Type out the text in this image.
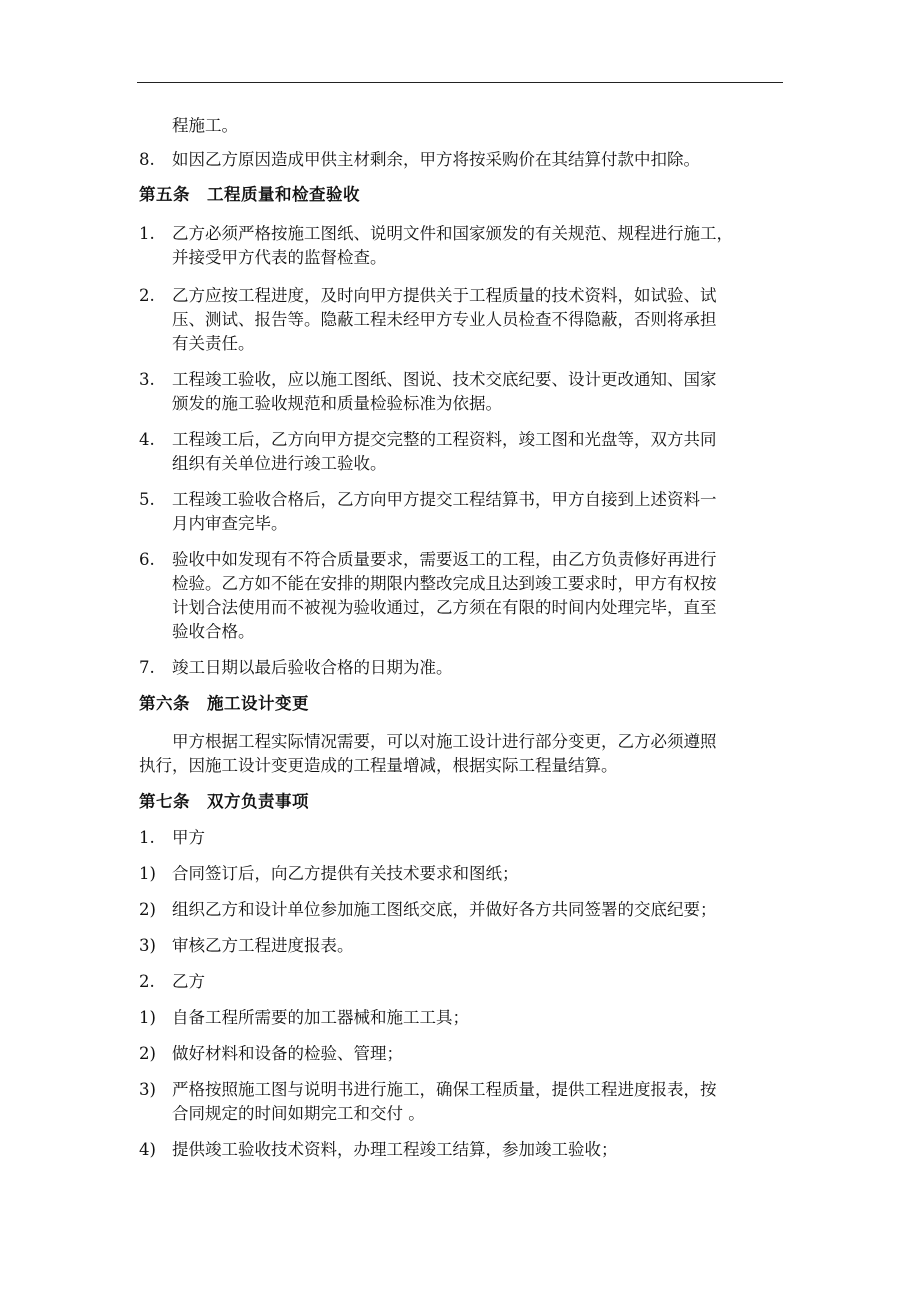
程施工。
8. 如因乙方原因造成甲供主材剩余，甲方将按采购价在其结算付款中扣除。
第五条　工程质量和检查验收
1. 乙方必须严格按施工图纸、说明文件和国家颁发的有关规范、规程进行施工，
并接受甲方代表的监督检查。
2. 乙方应按工程进度，及时向甲方提供关于工程质量的技术资料，如试验、试
压、测试、报告等。隐蔽工程未经甲方专业人员检查不得隐蔽，否则将承担
有关责任。
3. 工程竣工验收，应以施工图纸、图说、技术交底纪要、设计更改通知、国家
颁发的施工验收规范和质量检验标准为依据。
4. 工程竣工后，乙方向甲方提交完整的工程资料，竣工图和光盘等，双方共同
组织有关单位进行竣工验收。
5. 工程竣工验收合格后，乙方向甲方提交工程结算书，甲方自接到上述资料一
月内审查完毕。
6. 验收中如发现有不符合质量要求，需要返工的工程，由乙方负责修好再进行
检验。乙方如不能在安排的期限内整改完成且达到竣工要求时，甲方有权按
计划合法使用而不被视为验收通过，乙方须在有限的时间内处理完毕，直至
验收合格。
7. 竣工日期以最后验收合格的日期为准。
第六条　施工设计变更
甲方根据工程实际情况需要，可以对施工设计进行部分变更，乙方必须遵照
执行，因施工设计变更造成的工程量增减，根据实际工程量结算。
第七条　双方负责事项
1. 甲方
1) 合同签订后，向乙方提供有关技术要求和图纸；
2) 组织乙方和设计单位参加施工图纸交底，并做好各方共同签署的交底纪要；
3) 审核乙方工程进度报表。
2. 乙方
1) 自备工程所需要的加工器械和施工工具；
2) 做好材料和设备的检验、管理；
3) 严格按照施工图与说明书进行施工，确保工程质量，提供工程进度报表，按
合同规定的时间如期完工和交付 。
4) 提供竣工验收技术资料，办理工程竣工结算，参加竣工验收；
